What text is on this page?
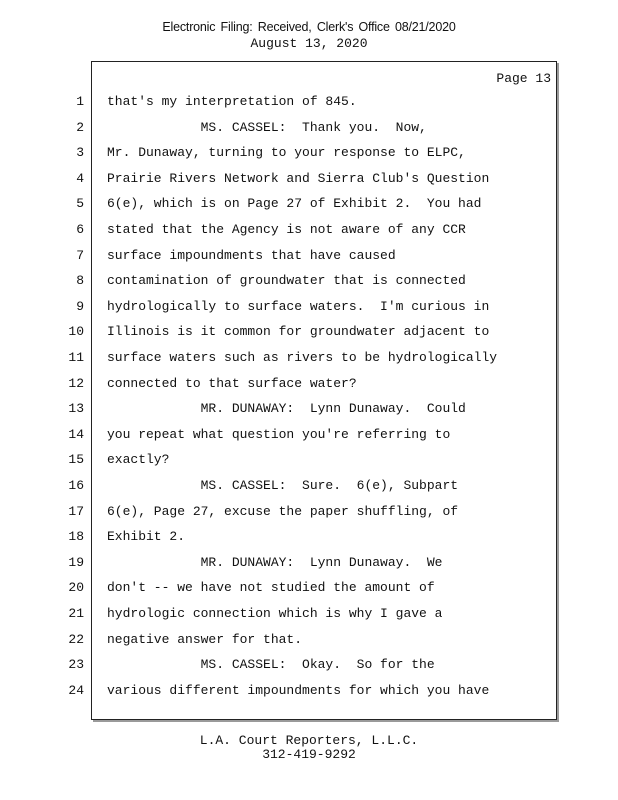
Electronic Filing: Received, Clerk's Office 08/21/2020
August 13, 2020
Page 13
1 that's my interpretation of 845.
2 MS. CASSEL:  Thank you.  Now,
3 Mr. Dunaway, turning to your response to ELPC,
4 Prairie Rivers Network and Sierra Club's Question
5 6(e), which is on Page 27 of Exhibit 2.  You had
6 stated that the Agency is not aware of any CCR
7 surface impoundments that have caused
8 contamination of groundwater that is connected
9 hydrologically to surface waters.  I'm curious in
10 Illinois is it common for groundwater adjacent to
11 surface waters such as rivers to be hydrologically
12 connected to that surface water?
13 MR. DUNAWAY:  Lynn Dunaway.  Could
14 you repeat what question you're referring to
15 exactly?
16 MS. CASSEL:  Sure.  6(e), Subpart
17 6(e), Page 27, excuse the paper shuffling, of
18 Exhibit 2.
19 MR. DUNAWAY:  Lynn Dunaway.  We
20 don't -- we have not studied the amount of
21 hydrologic connection which is why I gave a
22 negative answer for that.
23 MS. CASSEL:  Okay.  So for the
24 various different impoundments for which you have
L.A. Court Reporters, L.L.C.
312-419-9292
